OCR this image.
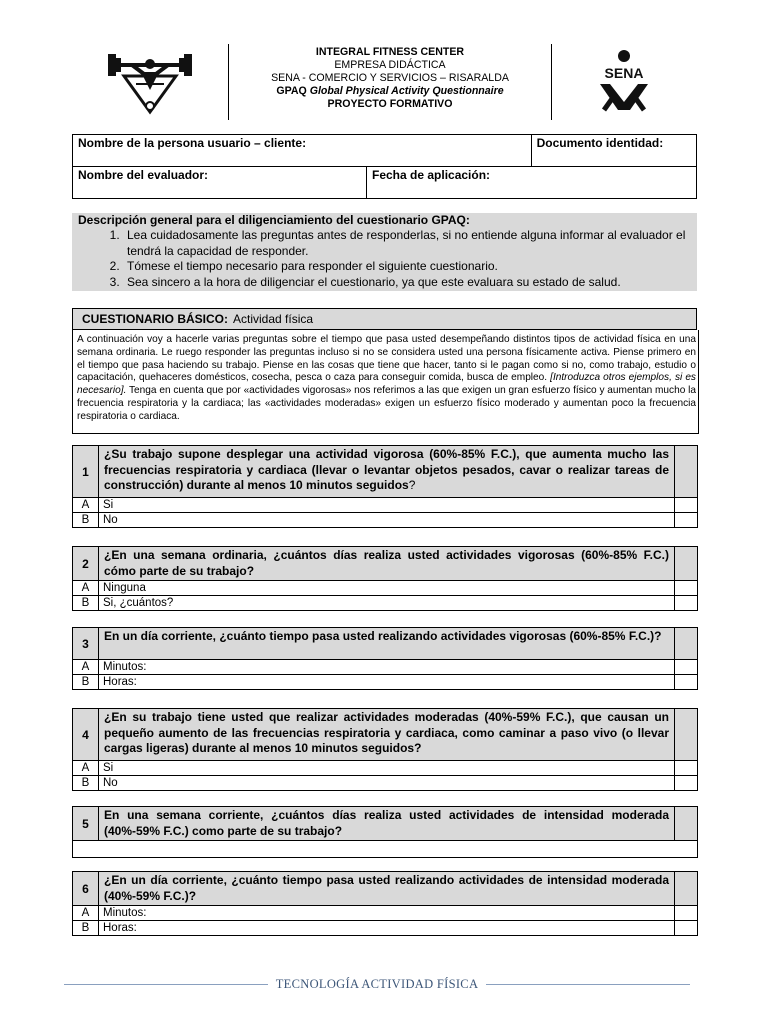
INTEGRAL FITNESS CENTER
EMPRESA DIDÁCTICA
SENA - COMERCIO Y SERVICIOS – RISARALDA
GPAQ Global Physical Activity Questionnaire
PROYECTO FORMATIVO
SENA
Nombre de la persona usuario – cliente:		Documento identidad:
Nombre del evaluador:	Fecha de aplicación:	
Descripción general para el diligenciamiento del cuestionario GPAQ:
1. Lea cuidadosamente las preguntas antes de responderlas, si no entiende alguna informar al evaluador el tendrá la capacidad de responder.
2. Tómese el tiempo necesario para responder el siguiente cuestionario.
3. Sea sincero a la hora de diligenciar el cuestionario, ya que este evaluara su estado de salud.
CUESTIONARIO BÁSICO: Actividad física
A continuación voy a hacerle varias preguntas sobre el tiempo que pasa usted desempeñando distintos tipos de actividad física en una semana ordinaria. Le ruego responder las preguntas incluso si no se considera usted una persona físicamente activa. Piense primero en el tiempo que pasa haciendo su trabajo. Piense en las cosas que tiene que hacer, tanto si le pagan como si no, como trabajo, estudio o capacitación, quehaceres domésticos, cosecha, pesca o caza para conseguir comida, busca de empleo. [Introduzca otros ejemplos, si es necesario]. Tenga en cuenta que por «actividades vigorosas» nos referimos a las que exigen un gran esfuerzo físico y aumentan mucho la frecuencia respiratoria y la cardiaca; las «actividades moderadas» exigen un esfuerzo físico moderado y aumentan poco la frecuencia respiratoria o cardiaca.
1	¿Su trabajo supone desplegar una actividad vigorosa (60%-85% F.C.), que aumenta mucho las frecuencias respiratoria y cardiaca (llevar o levantar objetos pesados, cavar o realizar tareas de construcción) durante al menos 10 minutos seguidos?	
A	Si	
B	No	
2	¿En una semana ordinaria, ¿cuántos días realiza usted actividades vigorosas (60%-85% F.C.) cómo parte de su trabajo?	
A	Ninguna	
B	Si, ¿cuántos?	
3	En un día corriente, ¿cuánto tiempo pasa usted realizando actividades vigorosas (60%-85% F.C.)?	
A	Minutos:	
B	Horas:	
4	¿En su trabajo tiene usted que realizar actividades moderadas (40%-59% F.C.), que causan un pequeño aumento de las frecuencias respiratoria y cardiaca, como caminar a paso vivo (o llevar cargas ligeras) durante al menos 10 minutos seguidos?	
A	Si	
B	No	
5	En una semana corriente, ¿cuántos días realiza usted actividades de intensidad moderada (40%-59% F.C.) como parte de su trabajo?	

6	¿En un día corriente, ¿cuánto tiempo pasa usted realizando actividades de intensidad moderada (40%-59% F.C.)?	
A	Minutos:	
B	Horas:	
TECNOLOGÍA ACTIVIDAD FÍSICA
